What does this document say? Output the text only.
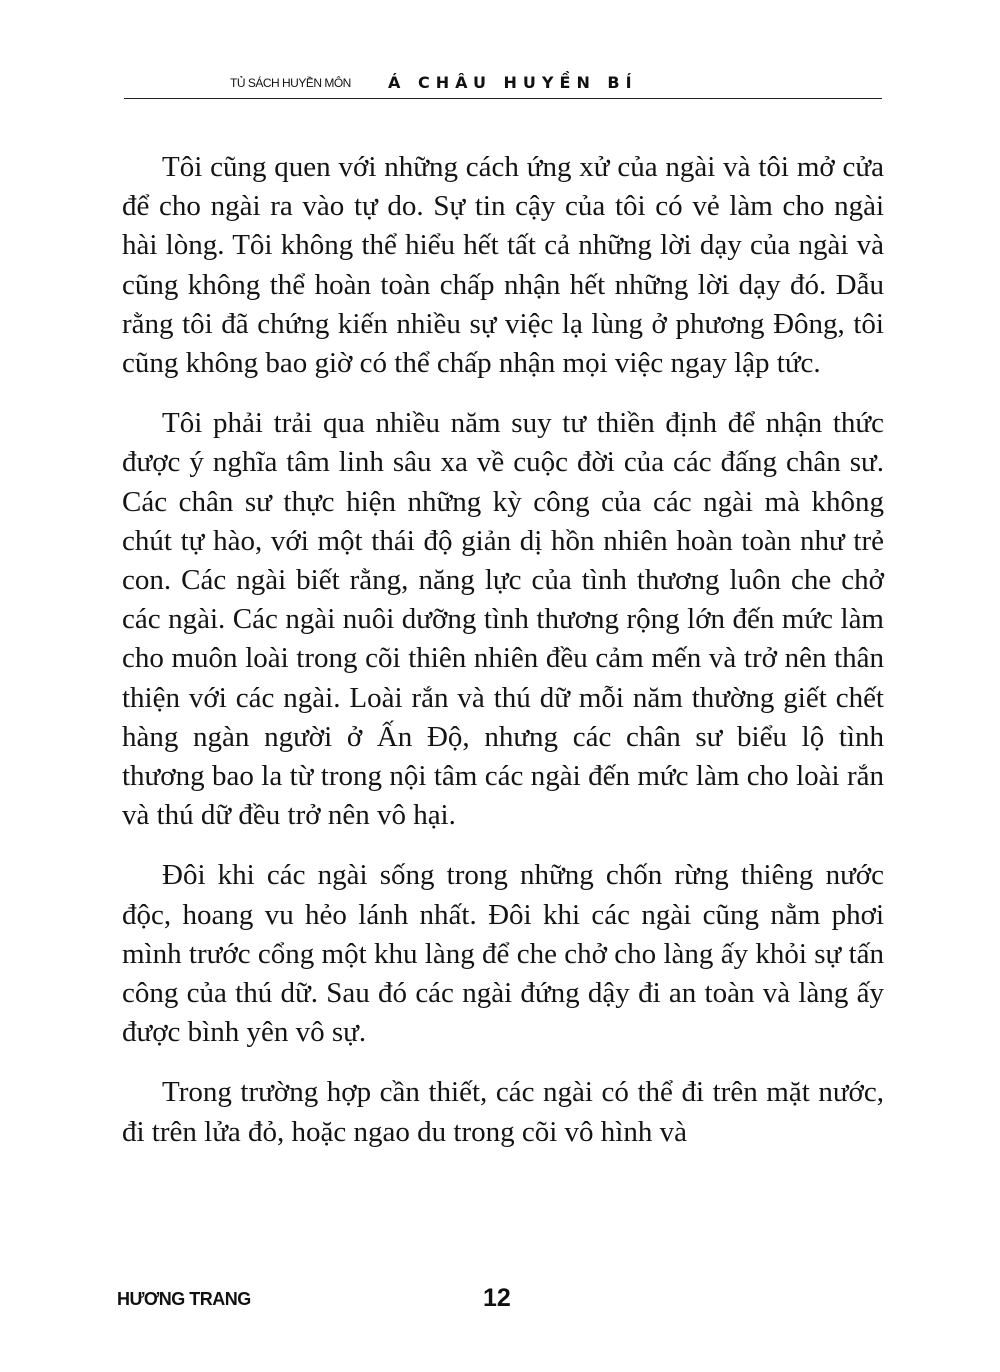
TỦ SÁCH HUYỀN MÔN Á CHÂU HUYỀN BÍ

Tôi cũng quen với những cách ứng xử của ngài và tôi mở cửa để cho ngài ra vào tự do. Sự tin cậy của tôi có vẻ làm cho ngài hài lòng. Tôi không thể hiểu hết tất cả những lời dạy của ngài và cũng không thể hoàn toàn chấp nhận hết những lời dạy đó. Dẫu rằng tôi đã chứng kiến nhiều sự việc lạ lùng ở phương Đông, tôi cũng không bao giờ có thể chấp nhận mọi việc ngay lập tức.

Tôi phải trải qua nhiều năm suy tư thiền định để nhận thức được ý nghĩa tâm linh sâu xa về cuộc đời của các đấng chân sư. Các chân sư thực hiện những kỳ công của các ngài mà không chút tự hào, với một thái độ giản dị hồn nhiên hoàn toàn như trẻ con. Các ngài biết rằng, năng lực của tình thương luôn che chở các ngài. Các ngài nuôi dưỡng tình thương rộng lớn đến mức làm cho muôn loài trong cõi thiên nhiên đều cảm mến và trở nên thân thiện với các ngài. Loài rắn và thú dữ mỗi năm thường giết chết hàng ngàn người ở Ấn Độ, nhưng các chân sư biểu lộ tình thương bao la từ trong nội tâm các ngài đến mức làm cho loài rắn và thú dữ đều trở nên vô hại.

Đôi khi các ngài sống trong những chốn rừng thiêng nước độc, hoang vu hẻo lánh nhất. Đôi khi các ngài cũng nằm phơi mình trước cổng một khu làng để che chở cho làng ấy khỏi sự tấn công của thú dữ. Sau đó các ngài đứng dậy đi an toàn và làng ấy được bình yên vô sự.

Trong trường hợp cần thiết, các ngài có thể đi trên mặt nước, đi trên lửa đỏ, hoặc ngao du trong cõi vô hình và

HƯƠNG TRANG	12
